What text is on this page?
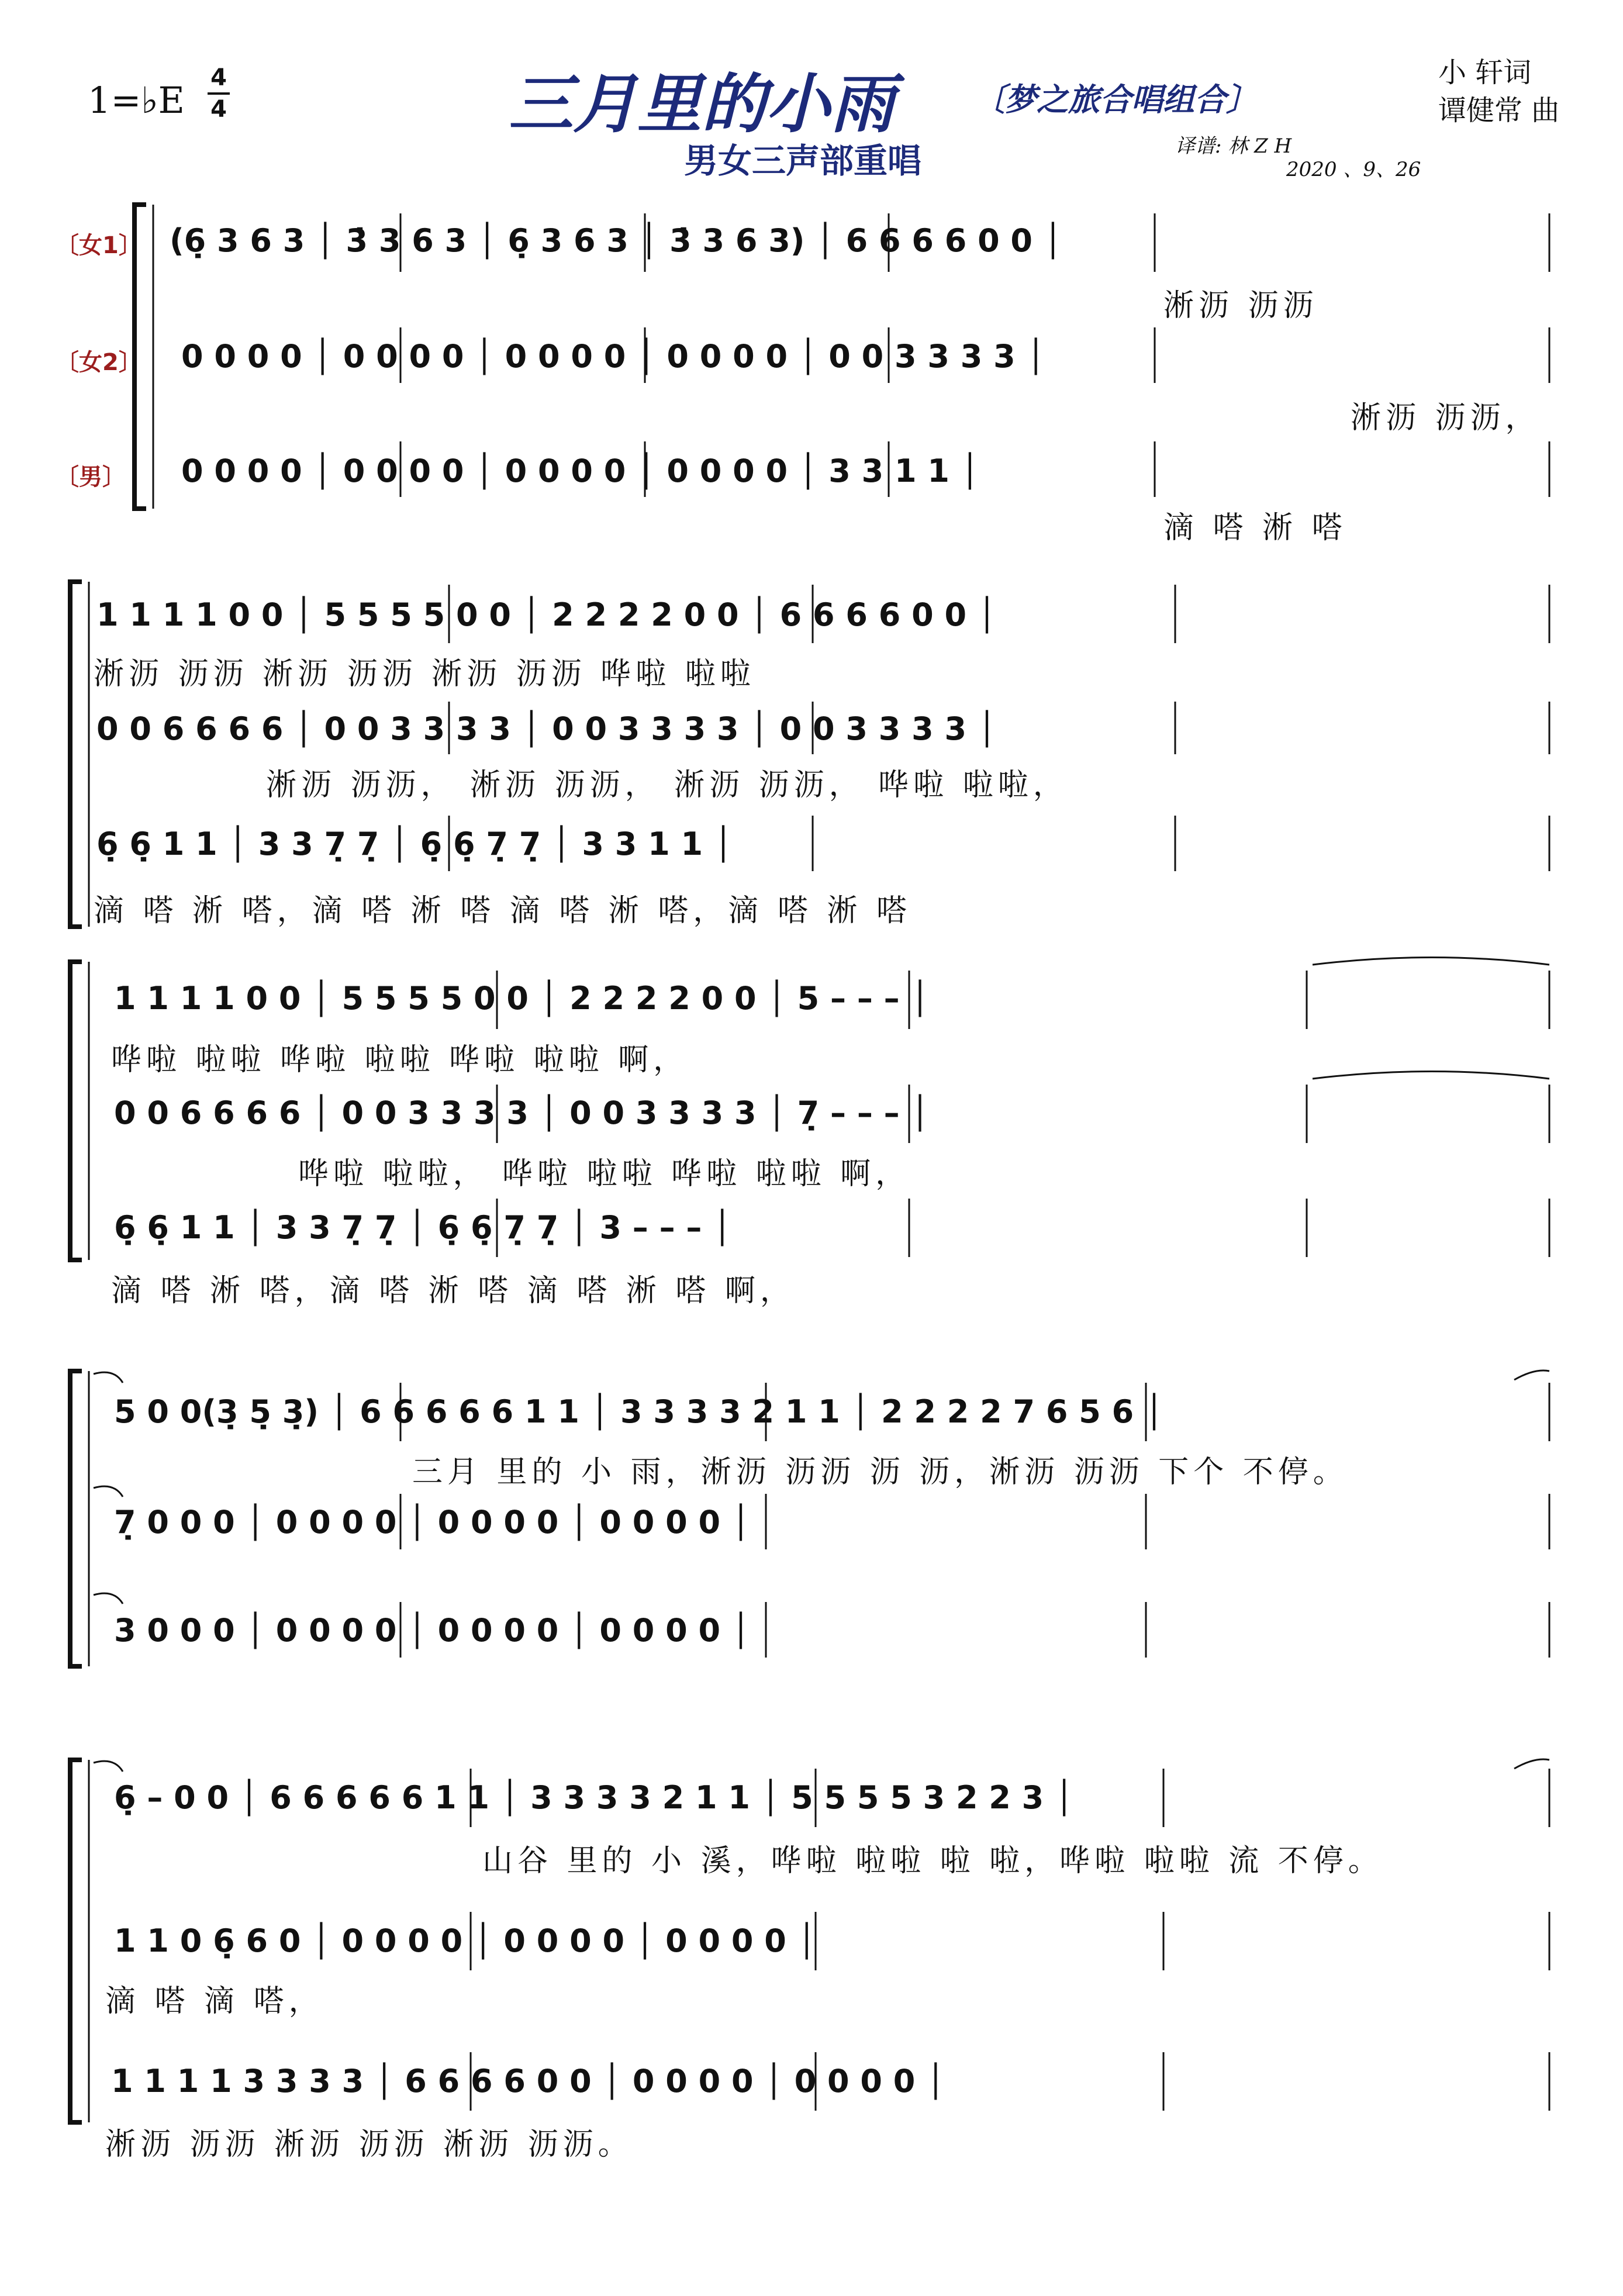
1=♭E
4
4	三月里的小雨	〔梦之旅合唱组合〕
男女三声部重唱
小 轩词
谭健常 曲
译谱: 林 Z H
2020 、9、26
〔女1〕
〔女2〕
〔男〕
(6̣ 3 6 3 │ 3̇ 3 6 3 │ 6̣ 3 6 3 │ 3̇ 3 6 3) │ 6 6 6 6 0 0 │
淅沥 沥沥
0 0 0 0 │ 0 0 0 0 │ 0 0 0 0 │ 0 0 0 0 │ 0 0 3 3 3 3 │
淅沥 沥沥，
0 0 0 0 │ 0 0 0 0 │ 0 0 0 0 │ 0 0 0 0 │ 3 3 1 1 │
滴 嗒 淅 嗒
1 1 1 1 0 0 │ 5 5 5 5 0 0 │ 2 2 2 2 0 0 │ 6 6 6 6 0 0 │
淅沥 沥沥 淅沥 沥沥 淅沥 沥沥 哗啦 啦啦
0 0 6 6 6 6 │ 0 0 3 3 3 3 │ 0 0 3 3 3 3 │ 0 0 3 3 3 3 │
淅沥 沥沥， 淅沥 沥沥， 淅沥 沥沥， 哗啦 啦啦，
6̣ 6̣ 1 1 │ 3 3 7̣ 7̣ │ 6̣ 6̣ 7̣ 7̣ │ 3 3 1 1 │
滴 嗒 淅 嗒，滴 嗒 淅 嗒 滴 嗒 淅 嗒，滴 嗒 淅 嗒
1 1 1 1 0 0 │ 5 5 5 5 0 0 │ 2 2 2 2 0 0 │ 5 – – – │
哗啦 啦啦 哗啦 啦啦 哗啦 啦啦 啊，
0 0 6 6 6 6 │ 0 0 3 3 3 3 │ 0 0 3 3 3 3 │ 7̣ – – – │
哗啦 啦啦， 哗啦 啦啦 哗啦 啦啦 啊，
6̣ 6̣ 1 1 │ 3 3 7̣ 7̣ │ 6̣ 6̣ 7̣ 7̣ │ 3 – – – │
滴 嗒 淅 嗒，滴 嗒 淅 嗒 滴 嗒 淅 嗒 啊，
5 0 0(3̣ 5̣ 3̣) │ 6 6 6 6 6 1 1 │ 3 3 3 3 2 1 1 │ 2 2 2 2 7 6 5 6 │
三月 里的 小 雨，淅沥 沥沥 沥 沥，淅沥 沥沥 下个 不停。
7̣ 0 0 0 │ 0 0 0 0 │ 0 0 0 0 │ 0 0 0 0 │
3 0 0 0 │ 0 0 0 0 │ 0 0 0 0 │ 0 0 0 0 │
6̣ – 0 0 │ 6 6 6 6 6 1 1 │ 3 3 3 3 2 1 1 │ 5 5 5 5 3 2 2 3 │
山谷 里的 小 溪，哗啦 啦啦 啦 啦，哗啦 啦啦 流 不停。
1 1 0 6̣ 6 0 │ 0 0 0 0 │ 0 0 0 0 │ 0 0 0 0 │
滴 嗒 滴 嗒，
1 1 1 1 3 3 3 3 │ 6 6 6 6 0 0 │ 0 0 0 0 │ 0 0 0 0 │
淅沥 沥沥 淅沥 沥沥 淅沥 沥沥。
